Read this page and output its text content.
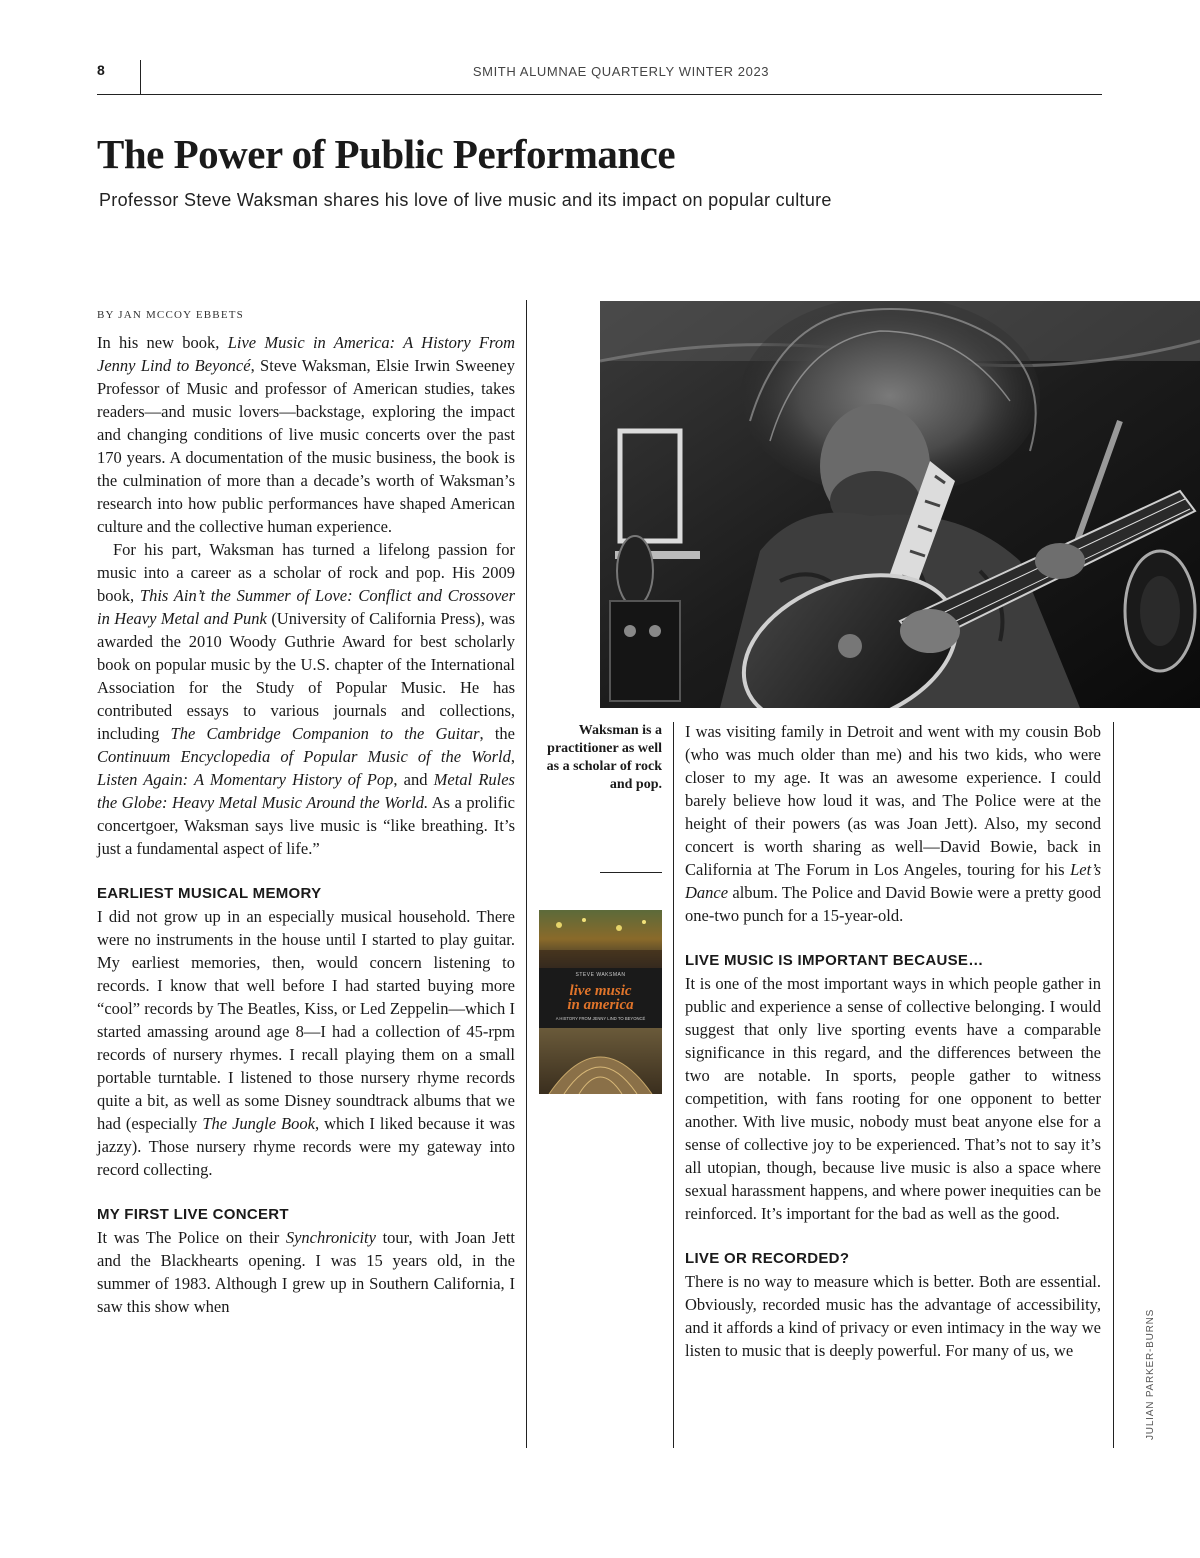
8	SMITH ALUMNAE QUARTERLY WINTER 2023
The Power of Public Performance
Professor Steve Waksman shares his love of live music and its impact on popular culture
BY JAN MCCOY EBBETS

In his new book, Live Music in America: A History From Jenny Lind to Beyoncé, Steve Waksman, Elsie Irwin Sweeney Professor of Music and professor of American studies, takes readers—and music lovers—backstage, exploring the impact and changing conditions of live music concerts over the past 170 years. A documentation of the music business, the book is the culmination of more than a decade’s worth of Waksman’s research into how public performances have shaped American culture and the collective human experience.

For his part, Waksman has turned a lifelong passion for music into a career as a scholar of rock and pop. His 2009 book, This Ain’t the Summer of Love: Conflict and Crossover in Heavy Metal and Punk (University of California Press), was awarded the 2010 Woody Guthrie Award for best scholarly book on popular music by the U.S. chapter of the International Association for the Study of Popular Music. He has contributed essays to various journals and collections, including The Cambridge Companion to the Guitar, the Continuum Encyclopedia of Popular Music of the World, Listen Again: A Momentary History of Pop, and Metal Rules the Globe: Heavy Metal Music Around the World. As a prolific concertgoer, Waksman says live music is “like breathing. It’s just a fundamental aspect of life.”

EARLIEST MUSICAL MEMORY

I did not grow up in an especially musical household. There were no instruments in the house until I started to play guitar. My earliest memories, then, would concern listening to records. I know that well before I had started buying more “cool” records by The Beatles, Kiss, or Led Zeppelin—which I started amassing around age 8—I had a collection of 45-rpm records of nursery rhymes. I recall playing them on a small portable turntable. I listened to those nursery rhyme records quite a bit, as well as some Disney soundtrack albums that we had (especially The Jungle Book, which I liked because it was jazzy). Those nursery rhyme records were my gateway into record collecting.

MY FIRST LIVE CONCERT

It was The Police on their Synchronicity tour, with Joan Jett and the Blackhearts opening. I was 15 years old, in the summer of 1983. Although I grew up in Southern California, I saw this show when

Waksman is a practitioner as well as a scholar of rock and pop.
STEVE WAKSMAN
live music
in america
A HISTORY FROM JENNY LIND TO BEYONCÉ

I was visiting family in Detroit and went with my cousin Bob (who was much older than me) and his two kids, who were closer to my age. It was an awesome experience. I could barely believe how loud it was, and The Police were at the height of their powers (as was Joan Jett). Also, my second concert is worth sharing as well—David Bowie, back in California at The Forum in Los Angeles, touring for his Let’s Dance album. The Police and David Bowie were a pretty good one-two punch for a 15-year-old.

LIVE MUSIC IS IMPORTANT BECAUSE…

It is one of the most important ways in which people gather in public and experience a sense of collective belonging. I would suggest that only live sporting events have a comparable significance in this regard, and the differences between the two are notable. In sports, people gather to witness competition, with fans rooting for one opponent to better another. With live music, nobody must beat anyone else for a sense of collective joy to be experienced. That’s not to say it’s all utopian, though, because live music is also a space where sexual harassment happens, and where power inequities can be reinforced. It’s important for the bad as well as the good.

LIVE OR RECORDED?

There is no way to measure which is better. Both are essential. Obviously, recorded music has the advantage of accessibility, and it affords a kind of privacy or even intimacy in the way we listen to music that is deeply powerful. For many of us, we	JULIAN PARKER-BURNS
